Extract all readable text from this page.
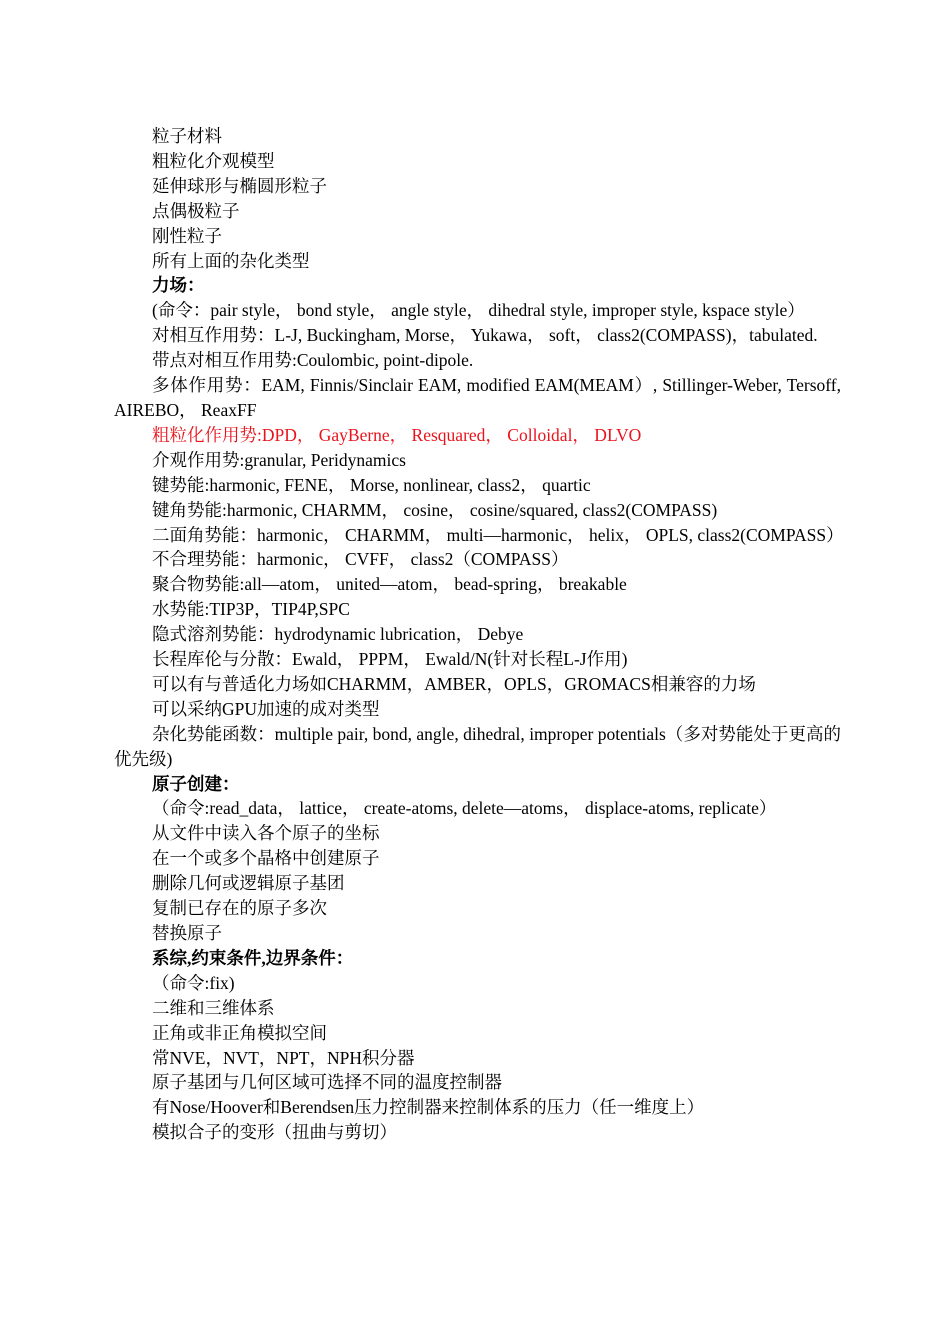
粒子材料
粗粒化介观模型
延伸球形与椭圆形粒子
点偶极粒子
刚性粒子
所有上面的杂化类型
力场：
(命令：pair style， bond style， angle style， dihedral style, improper style, kspace style）
对相互作用势：L-J, Buckingham, Morse， Yukawa， soft， class2(COMPASS)，tabulated.
带点对相互作用势:Coulombic, point-dipole.
多体作用势：EAM, Finnis/Sinclair EAM, modified EAM(MEAM）, Stillinger-Weber, Tersoff, AIREBO， ReaxFF
粗粒化作用势:DPD， GayBerne， Resquared， Colloidal， DLVO
介观作用势:granular, Peridynamics
键势能:harmonic, FENE， Morse, nonlinear, class2， quartic
键角势能:harmonic, CHARMM， cosine， cosine/squared, class2(COMPASS)
二面角势能：harmonic， CHARMM， multi—harmonic， helix， OPLS, class2(COMPASS）
不合理势能：harmonic， CVFF， class2（COMPASS）
聚合物势能:all—atom， united—atom， bead-spring， breakable
水势能:TIP3P，TIP4P,SPC
隐式溶剂势能：hydrodynamic lubrication， Debye
长程库伦与分散：Ewald， PPPM， Ewald/N(针对长程L-J作用)
可以有与普适化力场如CHARMM，AMBER，OPLS，GROMACS相兼容的力场
可以采纳GPU加速的成对类型
杂化势能函数：multiple pair, bond, angle, dihedral, improper potentials（多对势能处于更高的优先级)
原子创建：
（命令:read_data， lattice， create-atoms, delete—atoms， displace-atoms, replicate）
从文件中读入各个原子的坐标
在一个或多个晶格中创建原子
删除几何或逻辑原子基团
复制已存在的原子多次
替换原子
系综,约束条件,边界条件：
（命令:fix)
二维和三维体系
正角或非正角模拟空间
常NVE，NVT，NPT，NPH积分器
原子基团与几何区域可选择不同的温度控制器
有Nose/Hoover和Berendsen压力控制器来控制体系的压力（任一维度上）
模拟合子的变形（扭曲与剪切）
